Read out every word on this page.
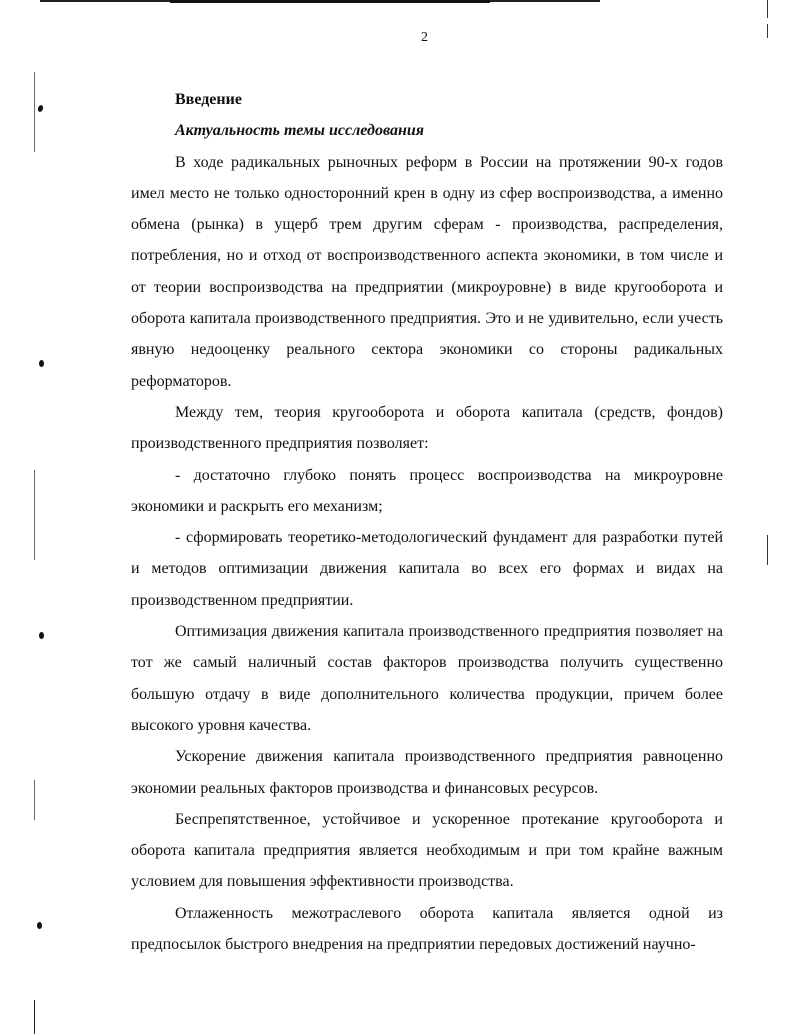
2

Введение

Актуальность темы исследования

В ходе радикальных рыночных реформ в России на протяжении 90-х годов имел место не только односторонний крен в одну из сфер воспроизводства, а именно обмена (рынка) в ущерб трем другим сферам - производства, распределения, потребления, но и отход от воспроизводственного аспекта экономики, в том числе и от теории воспроизводства на предприятии (микроуровне) в виде кругооборота и оборота капитала производственного предприятия. Это и не удивительно, если учесть явную недооценку реального сектора экономики со стороны радикальных реформаторов.

Между тем, теория кругооборота и оборота капитала (средств, фондов) производственного предприятия позволяет:

- достаточно глубоко понять процесс воспроизводства на микроуровне экономики и раскрыть его механизм;

- сформировать теоретико-методологический фундамент для разработки путей и методов оптимизации движения капитала во всех его формах и видах на производственном предприятии.

Оптимизация движения капитала производственного предприятия позволяет на тот же самый наличный состав факторов производства получить существенно большую отдачу в виде дополнительного количества продукции, причем более высокого уровня качества.

Ускорение движения капитала производственного предприятия равноценно экономии реальных факторов производства и финансовых ресурсов.

Беспрепятственное, устойчивое и ускоренное протекание кругооборота и оборота капитала предприятия является необходимым и при том крайне важным условием для повышения эффективности производства.

Отлаженность межотраслевого оборота капитала является одной из предпосылок быстрого внедрения на предприятии передовых достижений научно-
